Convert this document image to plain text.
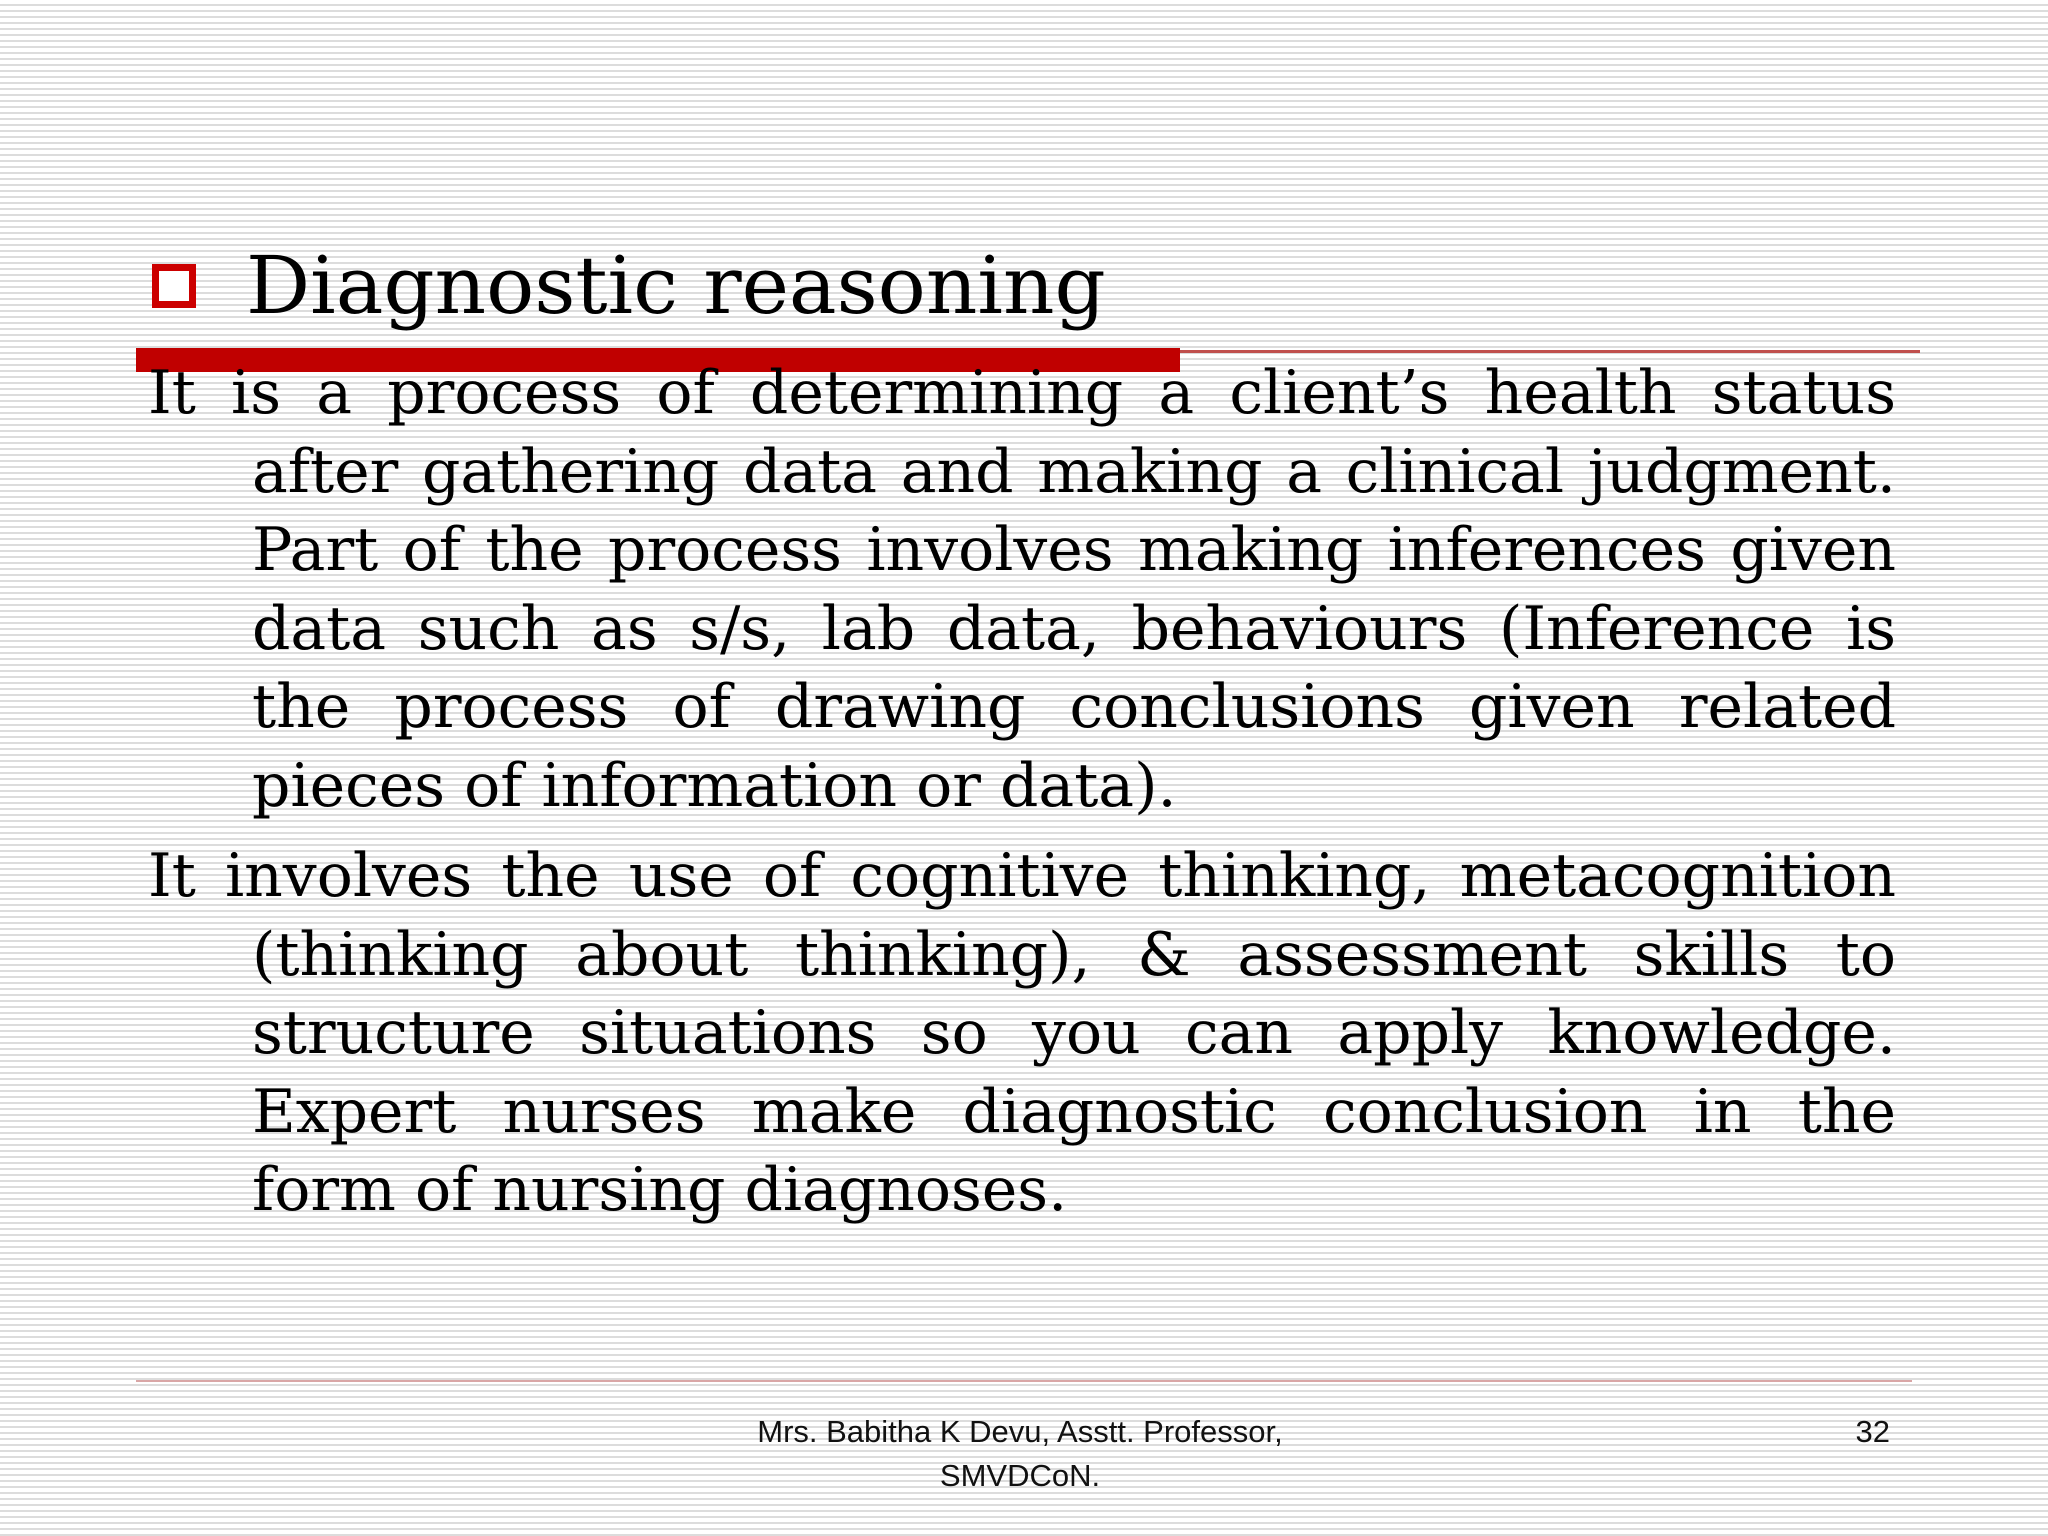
Diagnostic reasoning

It is a process of determining a client’s health status after gathering data and making a clinical judgment. Part of the process involves making inferences given data such as s/s, lab data, behaviours (Inference is the process of drawing conclusions given related pieces of information or data).

It involves the use of cognitive thinking, metacognition (thinking about thinking), & assessment skills to structure situations so you can apply knowledge. Expert nurses make diagnostic conclusion in the form of nursing diagnoses.

Mrs. Babitha K Devu, Asstt. Professor,
SMVDCoN.
32
